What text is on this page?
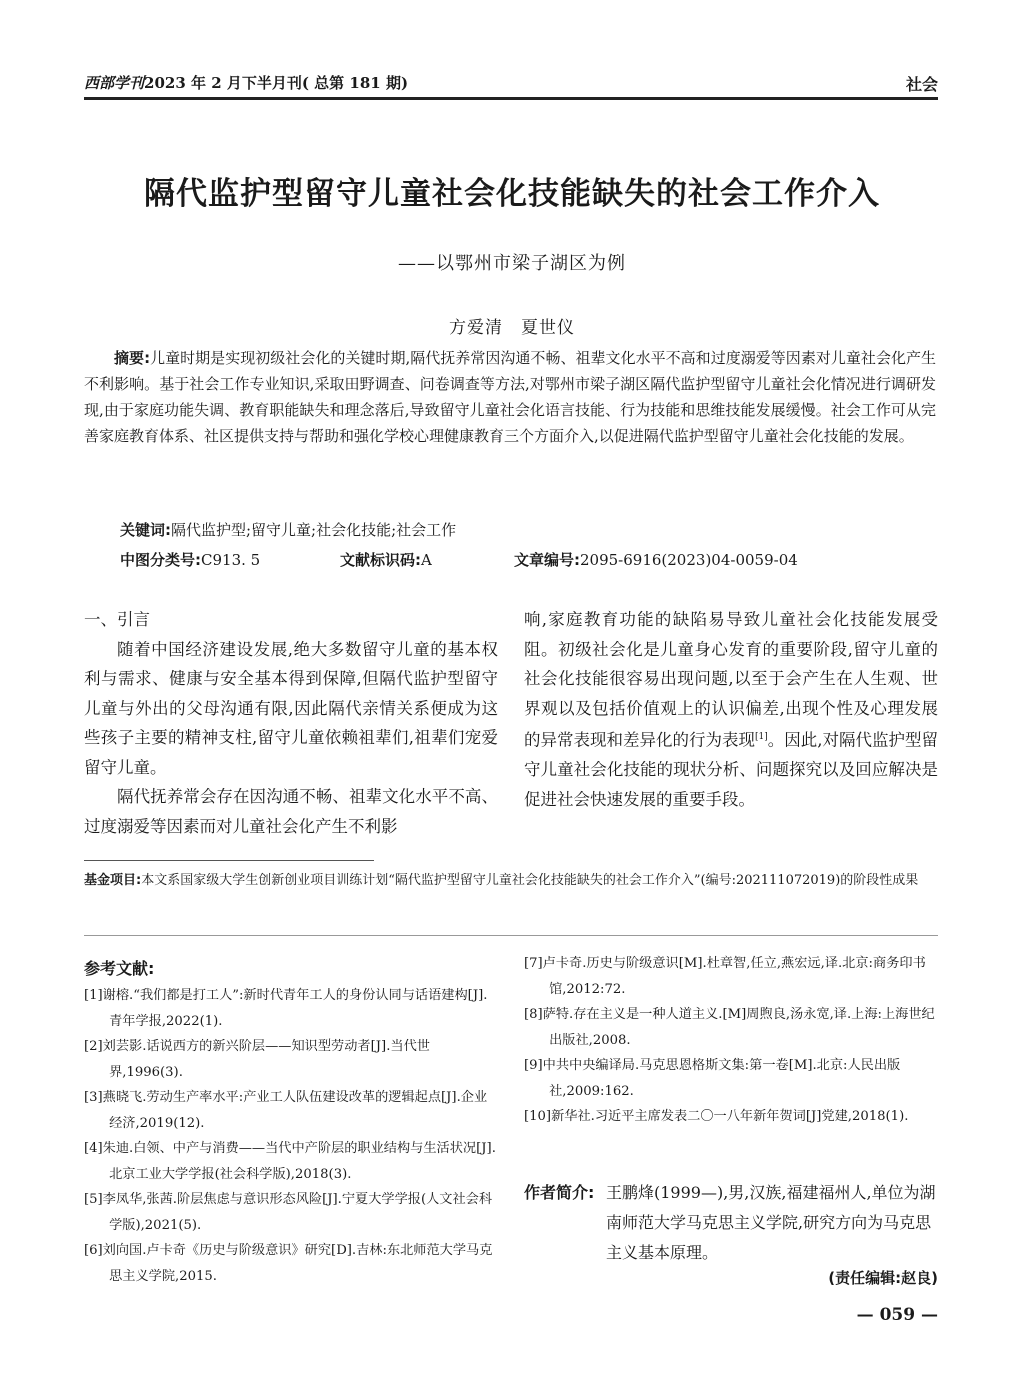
西部学刊2023 年 2 月下半月刊( 总第 181 期)	社会
隔代监护型留守儿童社会化技能缺失的社会工作介入
——以鄂州市梁子湖区为例
方爱清　夏世仪
摘要:儿童时期是实现初级社会化的关键时期,隔代抚养常因沟通不畅、祖辈文化水平不高和过度溺爱等因素对儿童社会化产生不利影响。基于社会工作专业知识,采取田野调查、问卷调查等方法,对鄂州市梁子湖区隔代监护型留守儿童社会化情况进行调研发现,由于家庭功能失调、教育职能缺失和理念落后,导致留守儿童社会化语言技能、行为技能和思维技能发展缓慢。社会工作可从完善家庭教育体系、社区提供支持与帮助和强化学校心理健康教育三个方面介入,以促进隔代监护型留守儿童社会化技能的发展。
关键词:隔代监护型;留守儿童;社会化技能;社会工作
中图分类号:C913. 5	文献标识码:A	文章编号:2095-6916(2023)04-0059-04
一、引言

随着中国经济建设发展,绝大多数留守儿童的基本权利与需求、健康与安全基本得到保障,但隔代监护型留守儿童与外出的父母沟通有限,因此隔代亲情关系便成为这些孩子主要的精神支柱,留守儿童依赖祖辈们,祖辈们宠爱留守儿童。

隔代抚养常会存在因沟通不畅、祖辈文化水平不高、过度溺爱等因素而对儿童社会化产生不利影

响,家庭教育功能的缺陷易导致儿童社会化技能发展受阻。初级社会化是儿童身心发育的重要阶段,留守儿童的社会化技能很容易出现问题,以至于会产生在人生观、世界观以及包括价值观上的认识偏差,出现个性及心理发展的异常表现和差异化的行为表现[1]。因此,对隔代监护型留守儿童社会化技能的现状分析、问题探究以及回应解决是促进社会快速发展的重要手段。

基金项目:本文系国家级大学生创新创业项目训练计划“隔代监护型留守儿童社会化技能缺失的社会工作介入”(编号:202111072019)的阶段性成果
参考文献:
[1]谢榕.“我们都是打工人”:新时代青年工人的身份认同与话语建构[J].青年学报,2022(1).
[2]刘芸影.话说西方的新兴阶层——知识型劳动者[J].当代世界,1996(3).
[3]燕晓飞.劳动生产率水平:产业工人队伍建设改革的逻辑起点[J].企业经济,2019(12).
[4]朱迪.白领、中产与消费——当代中产阶层的职业结构与生活状况[J].北京工业大学学报(社会科学版),2018(3).
[5]李凤华,张茜.阶层焦虑与意识形态风险[J].宁夏大学学报(人文社会科学版),2021(5).
[6]刘向国.卢卡奇《历史与阶级意识》研究[D].吉林:东北师范大学马克思主义学院,2015.
[7]卢卡奇.历史与阶级意识[M].杜章智,任立,燕宏远,译.北京:商务印书馆,2012:72.
[8]萨特.存在主义是一种人道主义.[M]周煦良,汤永宽,译.上海:上海世纪出版社,2008.
[9]中共中央编译局.马克思恩格斯文集:第一卷[M].北京:人民出版社,2009:162.
[10]新华社.习近平主席发表二〇一八年新年贺词[J]党建,2018(1).
作者简介: 王鹏烽(1999—),男,汉族,福建福州人,单位为湖南师范大学马克思主义学院,研究方向为马克思主义基本原理。
(责任编辑:赵良)
— 059 —
